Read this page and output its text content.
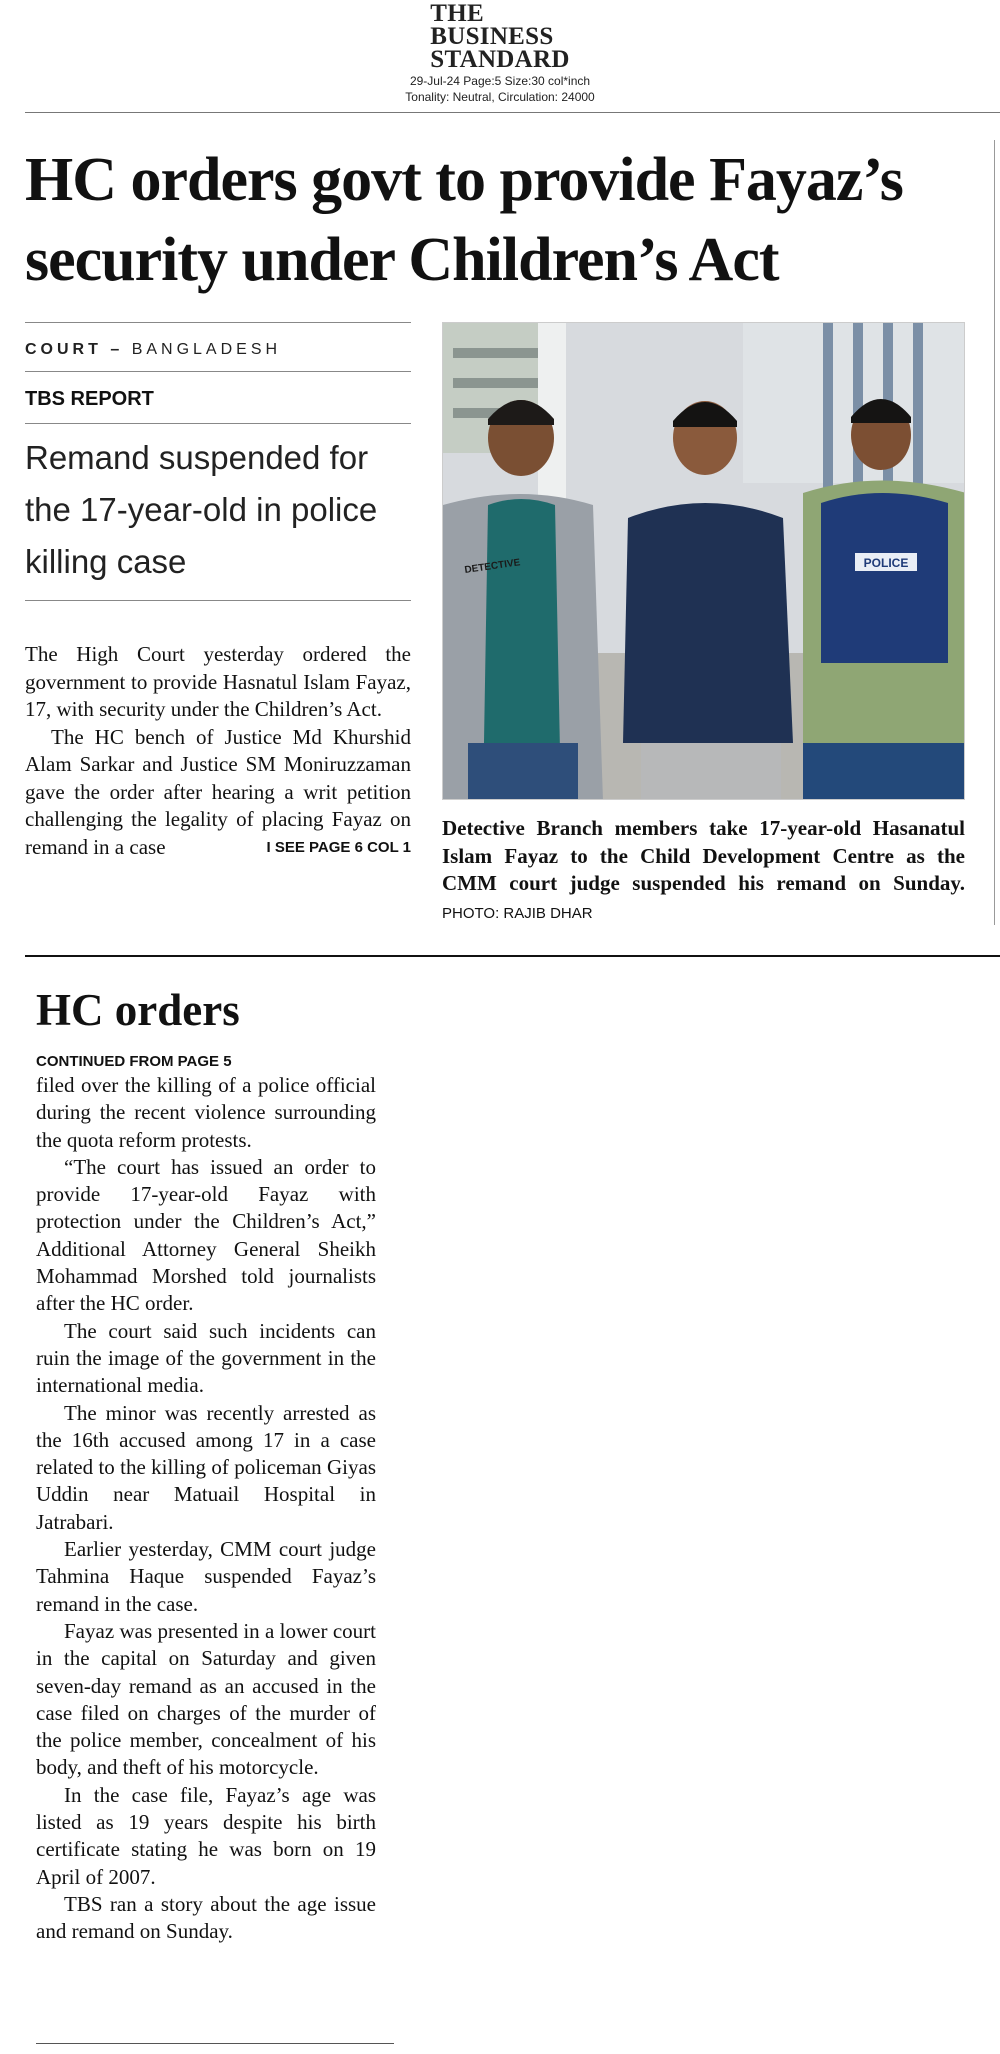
THE
BUSINESS
STANDARD
29-Jul-24 Page:5 Size:30 col*inch
Tonality: Neutral, Circulation: 24000
HC orders govt to provide Fayaz’s
security under Children’s Act
COURT – BANGLADESH
TBS REPORT
Remand suspended for the 17-year-old in police killing case

The High Court yesterday ordered the government to provide Hasnatul Islam Fayaz, 17, with security under the Children’s Act.

The HC bench of Justice Md Khurshid Alam Sarkar and Justice SM Moniruzzaman gave the order after hearing a writ petition challenging the legality of placing Fayaz on remand in a case	I SEE PAGE 6 COL 1

POLICE
DETECTIVE
Detective Branch members take 17-year-old Hasanatul Islam Fayaz to the Child Development Centre as the CMM court judge suspended his remand on Sunday. PHOTO: RAJIB DHAR
HC orders
CONTINUED FROM PAGE 5

filed over the killing of a police official during the recent violence surrounding the quota reform protests.

“The court has issued an order to provide 17-year-old Fayaz with protection under the Children’s Act,” Additional Attorney General Sheikh Mohammad Morshed told journalists after the HC order.

The court said such incidents can ruin the image of the government in the international media.

The minor was recently arrested as the 16th accused among 17 in a case related to the killing of policeman Giyas Uddin near Matuail Hospital in Jatrabari.

Earlier yesterday, CMM court judge Tahmina Haque suspended Fayaz’s remand in the case.

Fayaz was presented in a lower court in the capital on Saturday and given seven-day remand as an accused in the case filed on charges of the murder of the police member, concealment of his body, and theft of his motorcycle.

In the case file, Fayaz’s age was listed as 19 years despite his birth certificate stating he was born on 19 April of 2007.

TBS ran a story about the age issue and remand on Sunday.
